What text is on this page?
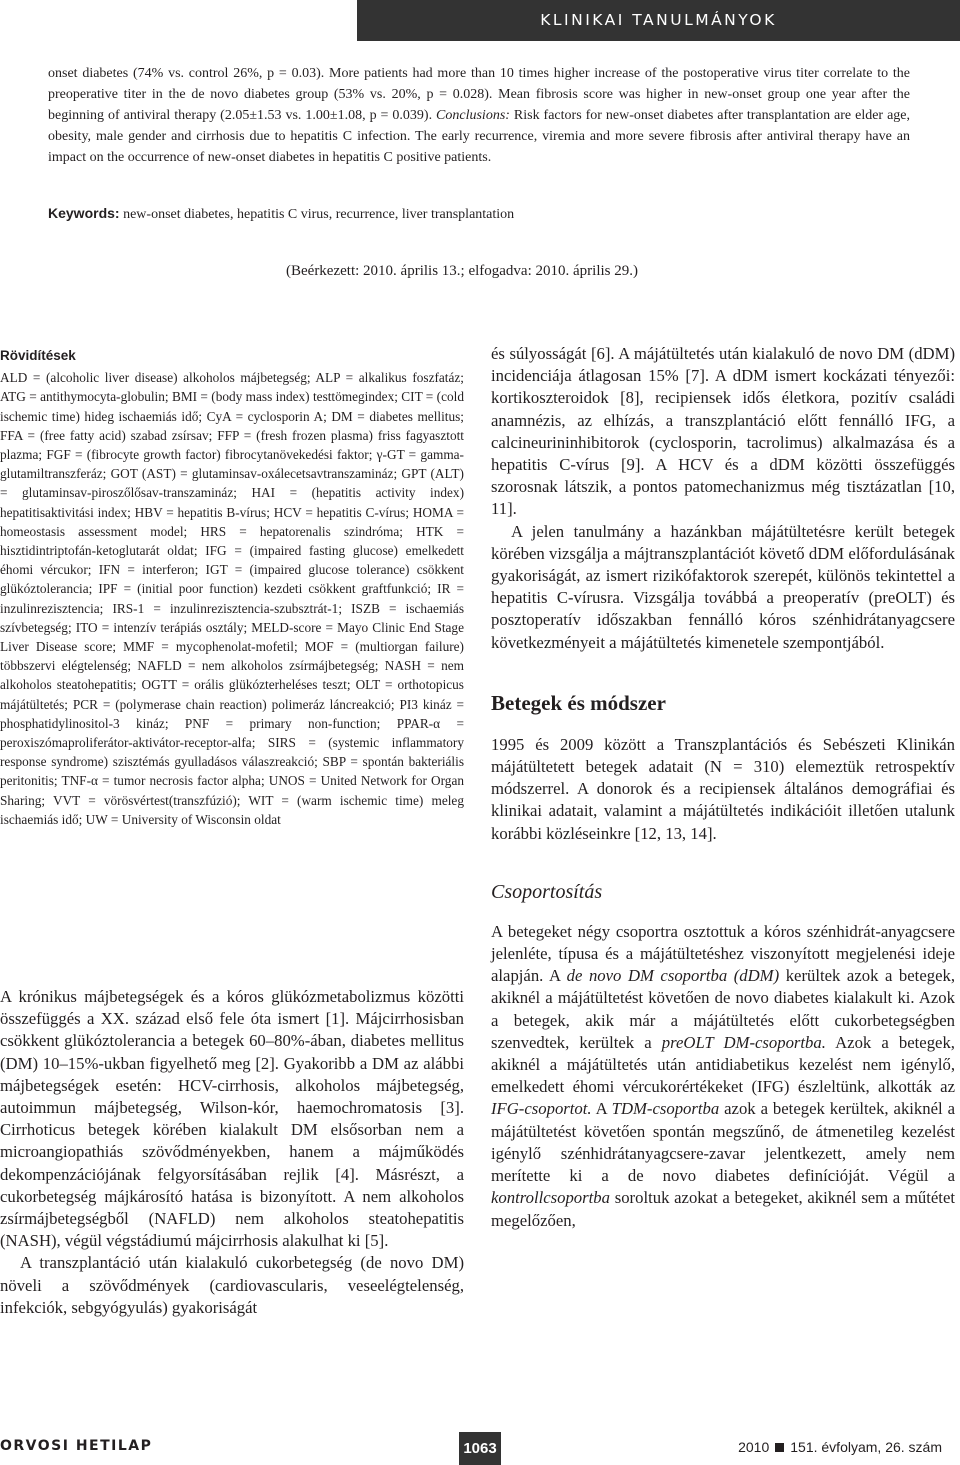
KLINIKAI TANULMÁNYOK

onset diabetes (74% vs. control 26%, p = 0.03). More patients had more than 10 times higher increase of the postoperative virus titer correlate to the preoperative titer in the de novo diabetes group (53% vs. 20%, p = 0.028). Mean fibrosis score was higher in new-onset group one year after the beginning of antiviral therapy (2.05±1.53 vs. 1.00±1.08, p = 0.039). Conclusions: Risk factors for new-onset diabetes after transplantation are elder age, obesity, male gender and cirrhosis due to hepatitis C infection. The early recurrence, viremia and more severe fibrosis after antiviral therapy have an impact on the occurrence of new-onset diabetes in hepatitis C positive patients.

Keywords: new-onset diabetes, hepatitis C virus, recurrence, liver transplantation
(Beérkezett: 2010. április 13.; elfogadva: 2010. április 29.)
Rövidítések

ALD = (alcoholic liver disease) alkoholos májbetegség; ALP = alkalikus foszfatáz; ATG = antithymocyta-globulin; BMI = (body mass index) testtömegindex; CIT = (cold ischemic time) hideg ischaemiás idő; CyA = cyclosporin A; DM = diabetes mellitus; FFA = (free fatty acid) szabad zsírsav; FFP = (fresh frozen plasma) friss fagyasztott plazma; FGF = (fibrocyte growth factor) fibrocytanövekedési faktor; γ-GT = gamma-glutamiltranszferáz; GOT (AST) = glutaminsav-oxálecetsavtranszamináz; GPT (ALT) = glutaminsav-piroszőlősav-transzamináz; HAI = (hepatitis activity index) hepatitisaktivitási index; HBV = hepatitis B-vírus; HCV = hepatitis C-vírus; HOMA = homeostasis assessment model; HRS = hepatorenalis szindróma; HTK = hisztidintriptofán-ketoglutarát oldat; IFG = (impaired fasting glucose) emelkedett éhomi vércukor; IFN = interferon; IGT = (impaired glucose tolerance) csökkent glükóztolerancia; IPF = (initial poor function) kezdeti csökkent graftfunkció; IR = inzulinrezisztencia; IRS-1 = inzulinrezisztencia-szubsztrát-1; ISZB = ischaemiás szívbetegség; ITO = intenzív terápiás osztály; MELD-score = Mayo Clinic End Stage Liver Disease score; MMF = mycophenolat-mofetil; MOF = (multiorgan failure) többszervi elégtelenség; NAFLD = nem alkoholos zsírmájbetegség; NASH = nem alkoholos steatohepatitis; OGTT = orális glükózterheléses teszt; OLT = orthotopicus májátültetés; PCR = (polymerase chain reaction) polimeráz láncreakció; PI3 kináz = phosphatidylinositol-3 kináz; PNF = primary non-function; PPAR-α = peroxiszómaproliferátor-aktivátor-receptor-alfa; SIRS = (systemic inflammatory response syndrome) szisztémás gyulladásos válaszreakció; SBP = spontán bakteriális peritonitis; TNF-α = tumor necrosis factor alpha; UNOS = United Network for Organ Sharing; VVT = vörösvértest(transzfúzió); WIT = (warm ischemic time) meleg ischaemiás idő; UW = University of Wisconsin oldat

A krónikus májbetegségek és a kóros glükózmetabolizmus közötti összefüggés a XX. század első fele óta ismert [1]. Májcirrhosisban csökkent glükóztolerancia a betegek 60–80%-ában, diabetes mellitus (DM) 10–15%-ukban figyelhető meg [2]. Gyakoribb a DM az alábbi májbetegségek esetén: HCV-cirrhosis, alkoholos májbetegség, autoimmun májbetegség, Wilson-kór, haemochromatosis [3]. Cirrhoticus betegek körében kialakult DM elsősorban nem a microangiopathiás szövődményekben, hanem a májműködés dekompenzációjának felgyorsításában rejlik [4]. Másrészt, a cukorbetegség májkárosító hatása is bizonyított. A nem alkoholos zsírmájbetegségből (NAFLD) nem alkoholos steatohepatitis (NASH), végül végstádiumú májcirrhosis alakulhat ki [5].

A transzplantáció után kialakuló cukorbetegség (de novo DM) növeli a szövődmények (cardiovascularis, veseelégtelenség, infekciók, sebgyógyulás) gyakoriságát

és súlyosságát [6]. A májátültetés után kialakuló de novo DM (dDM) incidenciája átlagosan 15% [7]. A dDM ismert kockázati tényezői: kortikoszteroidok [8], recipiensek idős életkora, pozitív családi anamnézis, az elhízás, a transzplantáció előtt fennálló IFG, a calcineurininhibitorok (cyclosporin, tacrolimus) alkalmazása és a hepatitis C-vírus [9]. A HCV és a dDM közötti összefüggés szorosnak látszik, a pontos patomechanizmus még tisztázatlan [10, 11].

A jelen tanulmány a hazánkban májátültetésre került betegek körében vizsgálja a májtranszplantációt követő dDM előfordulásának gyakoriságát, az ismert rizikófaktorok szerepét, különös tekintettel a hepatitis C-vírusra. Vizsgálja továbbá a preoperatív (preOLT) és posztoperatív időszakban fennálló kóros szénhidrátanyagcsere következményeit a májátültetés kimenetele szempontjából.

Betegek és módszer

1995 és 2009 között a Transzplantációs és Sebészeti Klinikán májátültetett betegek adatait (N = 310) elemeztük retrospektív módszerrel. A donorok és a recipiensek általános demográfiai és klinikai adatait, valamint a májátültetés indikációit illetően utalunk korábbi közléseinkre [12, 13, 14].

Csoportosítás

A betegeket négy csoportra osztottuk a kóros szénhidrát-anyagcsere jelenléte, típusa és a májátültetéshez viszonyított megjelenési ideje alapján. A de novo DM csoportba (dDM) kerültek azok a betegek, akiknél a májátültetést követően de novo diabetes kialakult ki. Azok a betegek, akik már a májátültetés előtt cukorbetegségben szenvedtek, kerültek a preOLT DM-csoportba. Azok a betegek, akiknél a májátültetés után antidiabetikus kezelést nem igénylő, emelkedett éhomi vércukorértékeket (IFG) észleltünk, alkották az IFG-csoportot. A TDM-csoportba azok a betegek kerültek, akiknél a májátültetést követően spontán megszűnő, de átmenetileg kezelést igénylő szénhidrátanyagcsere-zavar jelentkezett, amely nem merítette ki a de novo diabetes definícióját. Végül a kontrollcsoportba soroltuk azokat a betegeket, akiknél sem a műtétet megelőzően,

ORVOSI HETILAP	1063	2010 151. évfolyam, 26. szám
